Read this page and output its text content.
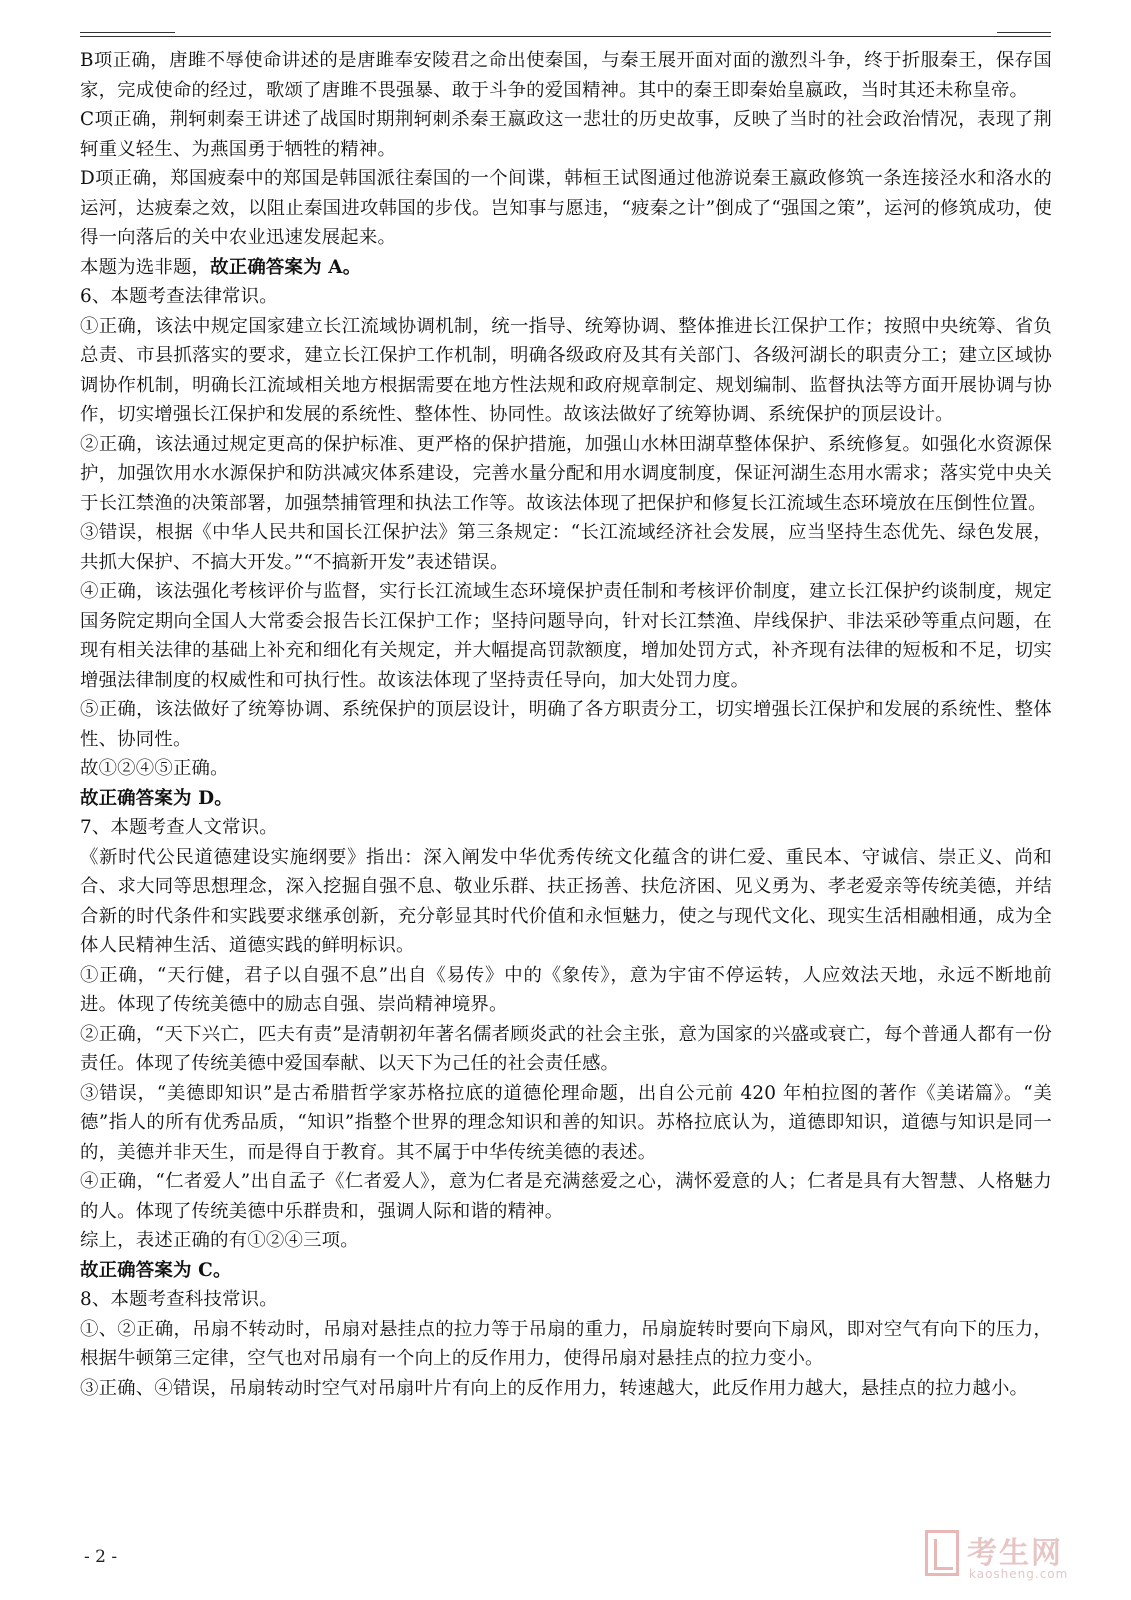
B项正确，唐雎不辱使命讲述的是唐雎奉安陵君之命出使秦国，与秦王展开面对面的激烈斗争，终于折服秦王，保存国家，完成使命的经过，歌颂了唐雎不畏强暴、敢于斗争的爱国精神。其中的秦王即秦始皇嬴政，当时其还未称皇帝。

C项正确，荆轲刺秦王讲述了战国时期荆轲刺杀秦王嬴政这一悲壮的历史故事，反映了当时的社会政治情况，表现了荆轲重义轻生、为燕国勇于牺牲的精神。

D项正确，郑国疲秦中的郑国是韩国派往秦国的一个间谍，韩桓王试图通过他游说秦王嬴政修筑一条连接泾水和洛水的运河，达疲秦之效，以阻止秦国进攻韩国的步伐。岂知事与愿违，“疲秦之计”倒成了“强国之策”，运河的修筑成功，使得一向落后的关中农业迅速发展起来。

本题为选非题，故正确答案为 A。

6、本题考查法律常识。

①正确，该法中规定国家建立长江流域协调机制，统一指导、统筹协调、整体推进长江保护工作；按照中央统筹、省负总责、市县抓落实的要求，建立长江保护工作机制，明确各级政府及其有关部门、各级河湖长的职责分工；建立区域协调协作机制，明确长江流域相关地方根据需要在地方性法规和政府规章制定、规划编制、监督执法等方面开展协调与协作，切实增强长江保护和发展的系统性、整体性、协同性。故该法做好了统筹协调、系统保护的顶层设计。

②正确，该法通过规定更高的保护标准、更严格的保护措施，加强山水林田湖草整体保护、系统修复。如强化水资源保护，加强饮用水水源保护和防洪减灾体系建设，完善水量分配和用水调度制度，保证河湖生态用水需求；落实党中央关于长江禁渔的决策部署，加强禁捕管理和执法工作等。故该法体现了把保护和修复长江流域生态环境放在压倒性位置。

③错误，根据《中华人民共和国长江保护法》第三条规定：“长江流域经济社会发展，应当坚持生态优先、绿色发展，共抓大保护、不搞大开发。”“不搞新开发”表述错误。

④正确，该法强化考核评价与监督，实行长江流域生态环境保护责任制和考核评价制度，建立长江保护约谈制度，规定国务院定期向全国人大常委会报告长江保护工作；坚持问题导向，针对长江禁渔、岸线保护、非法采砂等重点问题，在现有相关法律的基础上补充和细化有关规定，并大幅提高罚款额度，增加处罚方式，补齐现有法律的短板和不足，切实增强法律制度的权威性和可执行性。故该法体现了坚持责任导向，加大处罚力度。

⑤正确，该法做好了统筹协调、系统保护的顶层设计，明确了各方职责分工，切实增强长江保护和发展的系统性、整体性、协同性。

故①②④⑤正确。

故正确答案为 D。

7、本题考查人文常识。

《新时代公民道德建设实施纲要》指出：深入阐发中华优秀传统文化蕴含的讲仁爱、重民本、守诚信、崇正义、尚和合、求大同等思想理念，深入挖掘自强不息、敬业乐群、扶正扬善、扶危济困、见义勇为、孝老爱亲等传统美德，并结合新的时代条件和实践要求继承创新，充分彰显其时代价值和永恒魅力，使之与现代文化、现实生活相融相通，成为全体人民精神生活、道德实践的鲜明标识。

①正确，“天行健，君子以自强不息”出自《易传》中的《象传》，意为宇宙不停运转，人应效法天地，永远不断地前进。体现了传统美德中的励志自强、崇尚精神境界。

②正确，“天下兴亡，匹夫有责”是清朝初年著名儒者顾炎武的社会主张，意为国家的兴盛或衰亡，每个普通人都有一份责任。体现了传统美德中爱国奉献、以天下为己任的社会责任感。

③错误，“美德即知识”是古希腊哲学家苏格拉底的道德伦理命题，出自公元前 420 年柏拉图的著作《美诺篇》。“美德”指人的所有优秀品质，“知识”指整个世界的理念知识和善的知识。苏格拉底认为，道德即知识，道德与知识是同一的，美德并非天生，而是得自于教育。其不属于中华传统美德的表述。

④正确，“仁者爱人”出自孟子《仁者爱人》，意为仁者是充满慈爱之心，满怀爱意的人；仁者是具有大智慧、人格魅力的人。体现了传统美德中乐群贵和，强调人际和谐的精神。

综上，表述正确的有①②④三项。

故正确答案为 C。

8、本题考查科技常识。

①、②正确，吊扇不转动时，吊扇对悬挂点的拉力等于吊扇的重力，吊扇旋转时要向下扇风，即对空气有向下的压力，根据牛顿第三定律，空气也对吊扇有一个向上的反作用力，使得吊扇对悬挂点的拉力变小。

③正确、④错误，吊扇转动时空气对吊扇叶片有向上的反作用力，转速越大，此反作用力越大，悬挂点的拉力越小。

- 2 -	考生网
kaosheng.com
